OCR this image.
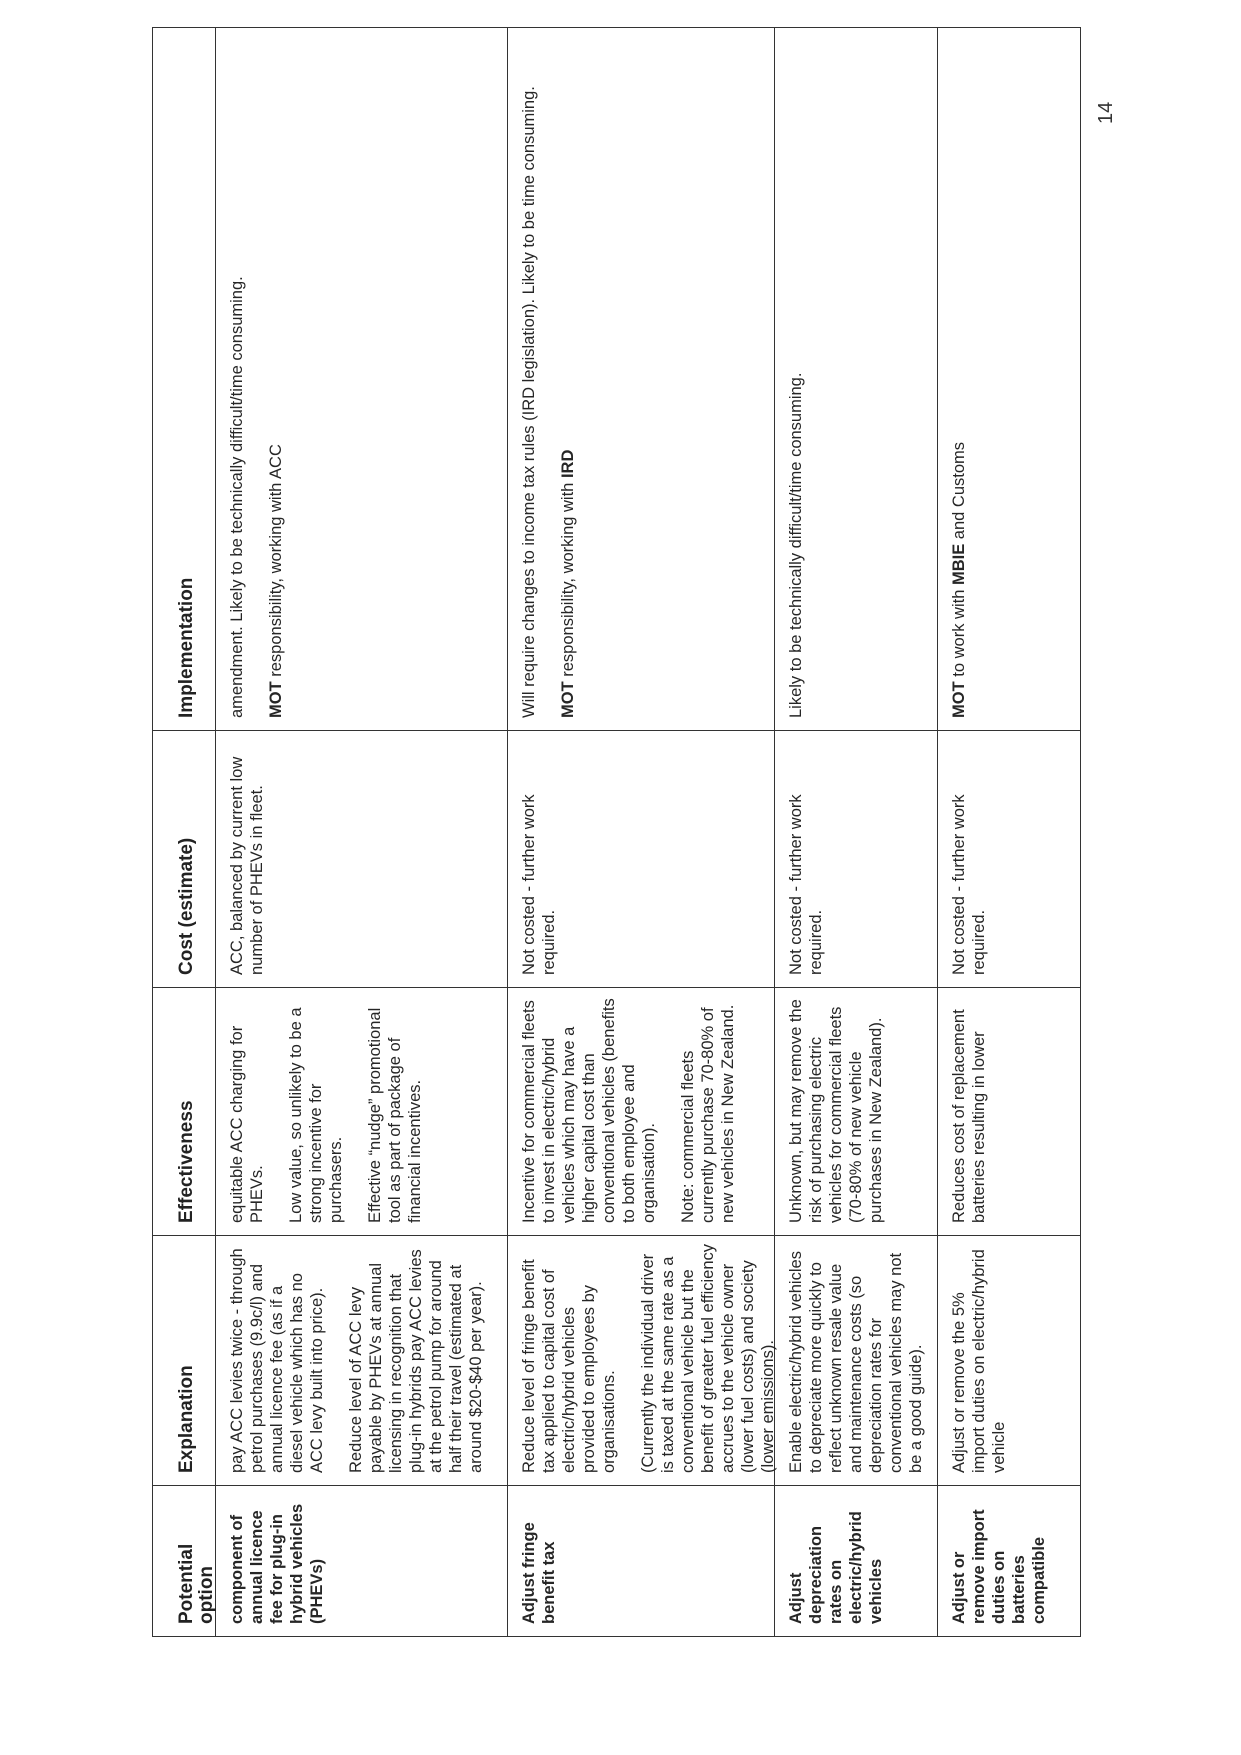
Potential option
Explanation
Effectiveness
Cost (estimate)
Implementation
component of annual licence fee for plug-in hybrid vehicles (PHEVs)

pay ACC levies twice - through petrol purchases (9.9c/l) and annual licence fee (as if a diesel vehicle which has no ACC levy built into price). Reduce level of ACC levy payable by PHEVs at annual licensing in recognition that plug-in hybrids pay ACC levies at the petrol pump for around half their travel (estimated at around $20-$40 per year).

equitable ACC charging for PHEVs. Low value, so unlikely to be a strong incentive for purchasers. Effective “nudge” promotional tool as part of package of financial incentives.

ACC, balanced by current low number of PHEVs in fleet.

amendment. Likely to be technically difficult/time consuming. MOT responsibility, working with ACC

Adjust fringe benefit tax

Reduce level of fringe benefit tax applied to capital cost of electric/hybrid vehicles provided to employees by organisations. (Currently the individual driver is taxed at the same rate as a conventional vehicle but the benefit of greater fuel efficiency accrues to the vehicle owner (lower fuel costs) and society (lower emissions).

Incentive for commercial fleets to invest in electric/hybrid vehicles which may have a higher capital cost than conventional vehicles (benefits to both employee and organisation). Note: commercial fleets currently purchase 70-80% of new vehicles in New Zealand.

Not costed - further work required.

Will require changes to income tax rules (IRD legislation). Likely to be time consuming. MOT responsibility, working with IRD

Adjust depreciation rates on electric/hybrid vehicles

Enable electric/hybrid vehicles to depreciate more quickly to reflect unknown resale value and maintenance costs (so depreciation rates for conventional vehicles may not be a good guide).

Unknown, but may remove the risk of purchasing electric vehicles for commercial fleets (70-80% of new vehicle purchases in New Zealand).

Not costed - further work required.

Likely to be technically difficult/time consuming.

Adjust or remove import duties on batteries compatible

Adjust or remove the 5% import duties on electric/hybrid vehicle

Reduces cost of replacement batteries resulting in lower

Not costed - further work required.

MOT to work with MBIE and Customs

14
